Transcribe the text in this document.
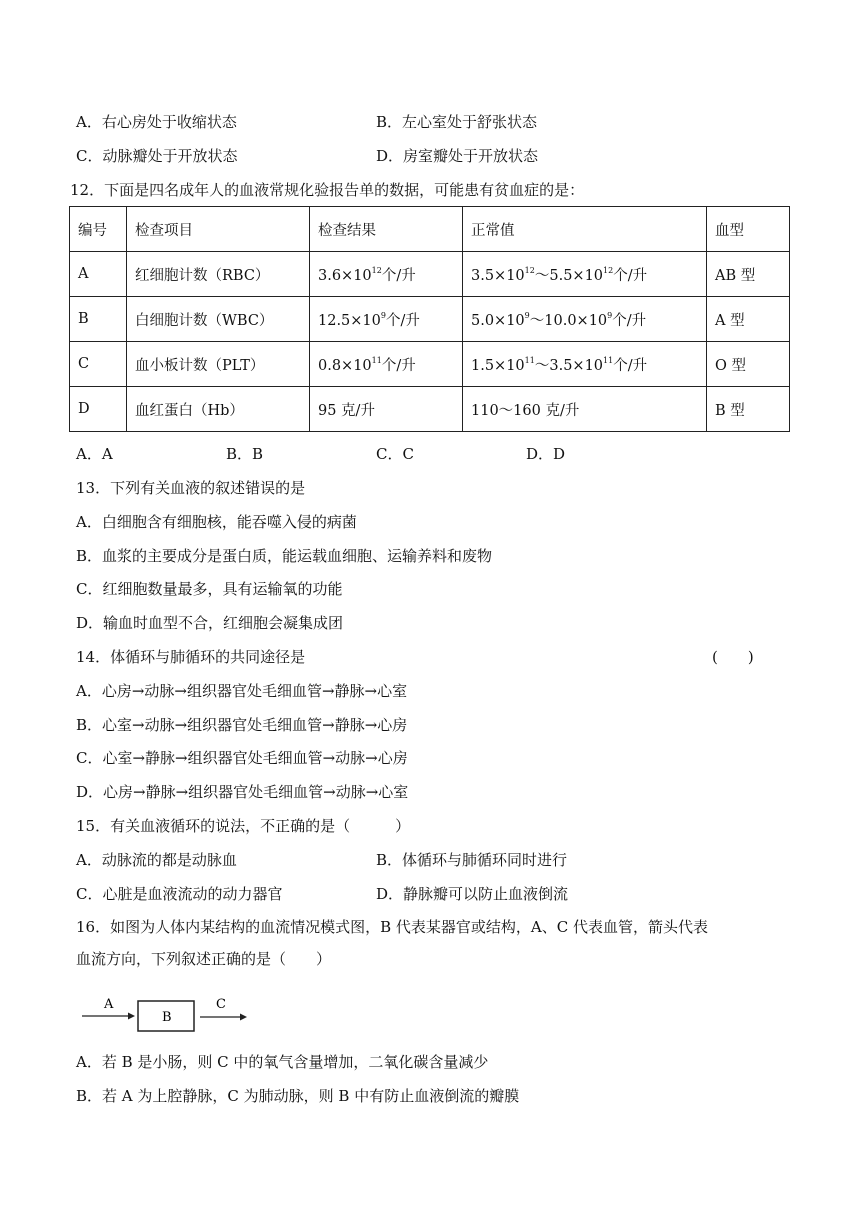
A．右心房处于收缩状态	B．左心室处于舒张状态
C．动脉瓣处于开放状态	D．房室瓣处于开放状态
12．下面是四名成年人的血液常规化验报告单的数据，可能患有贫血症的是：
编号	检查项目	检查结果	正常值	血型
A	红细胞计数（RBC）	$3.6\times 10^{12}$个/升	$3.5\times 10^{12}\sim 5.5\times 10^{12}$个/升	AB 型
B	白细胞计数（WBC）	$12.5\times 10^9$个/升	$5.0\times 10^9\sim 10.0\times 10^9$个/升	A 型
C	血小板计数（PLT）	$0.8\times 10^{11}$个/升	$1.5\times 10^{11}\sim 3.5\times 10^{11}$个/升	O 型
D	血红蛋白（Hb）	95 克/升	110～160 克/升	B 型
A．A	B．B	C．C	D．D
13．下列有关血液的叙述错误的是
A．白细胞含有细胞核，能吞噬入侵的病菌
B．血浆的主要成分是蛋白质，能运载血细胞、运输养料和废物
C．红细胞数量最多，具有运输氧的功能
D．输血时血型不合，红细胞会凝集成团
14．体循环与肺循环的共同途径是	(　　)
A．心房→动脉→组织器官处毛细血管→静脉→心室
B．心室→动脉→组织器官处毛细血管→静脉→心房
C．心室→静脉→组织器官处毛细血管→动脉→心房
D．心房→静脉→组织器官处毛细血管→动脉→心室
15．有关血液循环的说法，不正确的是（　　　）
A．动脉流的都是动脉血	B．体循环与肺循环同时进行
C．心脏是血液流动的动力器官	D．静脉瓣可以防止血液倒流
16．如图为人体内某结构的血流情况模式图，B 代表某器官或结构，A、C 代表血管，箭头代表
血流方向，下列叙述正确的是（　　）
A
B
C
A．若 B 是小肠，则 C 中的氧气含量增加，二氧化碳含量减少
B．若 A 为上腔静脉，C 为肺动脉，则 B 中有防止血液倒流的瓣膜
